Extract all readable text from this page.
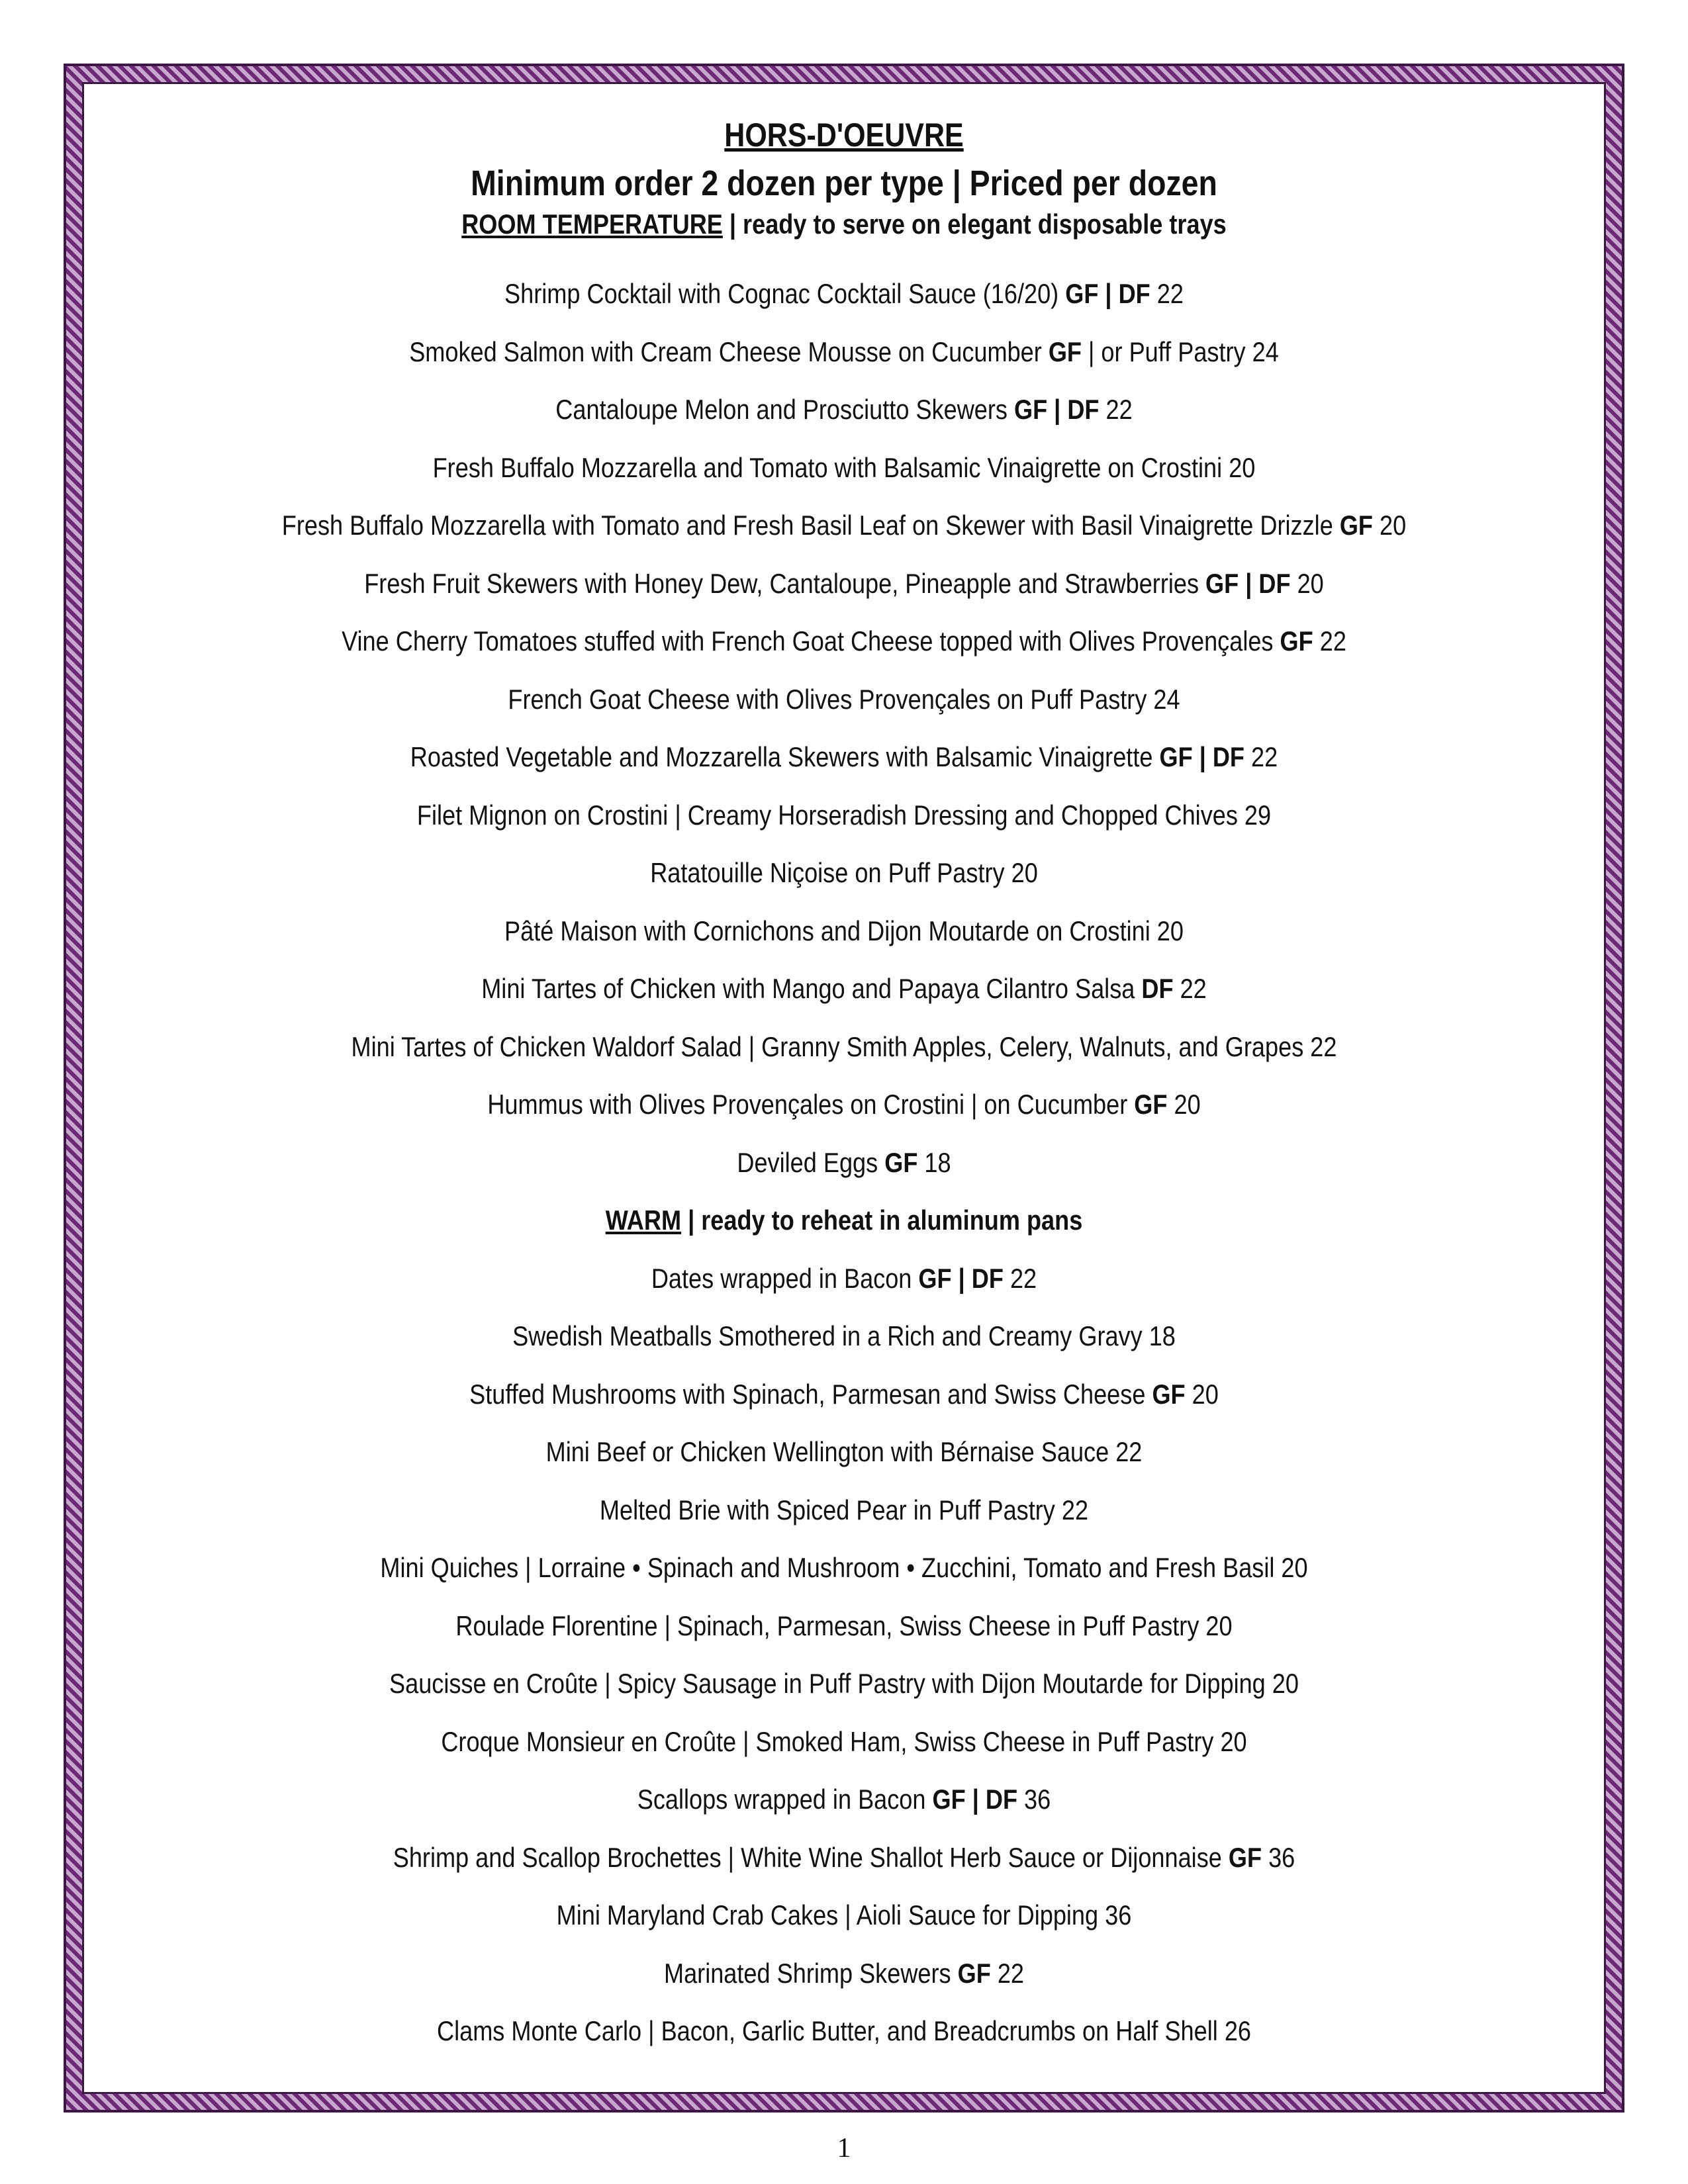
HORS-D'OEUVRE
Minimum order 2 dozen per type | Priced per dozen
ROOM TEMPERATURE | ready to serve on elegant disposable trays
Shrimp Cocktail with Cognac Cocktail Sauce (16/20) GF | DF 22
Smoked Salmon with Cream Cheese Mousse on Cucumber GF | or Puff Pastry 24
Cantaloupe Melon and Prosciutto Skewers GF | DF 22
Fresh Buffalo Mozzarella and Tomato with Balsamic Vinaigrette on Crostini 20
Fresh Buffalo Mozzarella with Tomato and Fresh Basil Leaf on Skewer with Basil Vinaigrette Drizzle GF 20
Fresh Fruit Skewers with Honey Dew, Cantaloupe, Pineapple and Strawberries GF | DF 20
Vine Cherry Tomatoes stuffed with French Goat Cheese topped with Olives Provençales GF 22
French Goat Cheese with Olives Provençales on Puff Pastry 24
Roasted Vegetable and Mozzarella Skewers with Balsamic Vinaigrette GF | DF 22
Filet Mignon on Crostini | Creamy Horseradish Dressing and Chopped Chives 29
Ratatouille Niçoise on Puff Pastry 20
Pâté Maison with Cornichons and Dijon Moutarde on Crostini 20
Mini Tartes of Chicken with Mango and Papaya Cilantro Salsa DF 22
Mini Tartes of Chicken Waldorf Salad | Granny Smith Apples, Celery, Walnuts, and Grapes 22
Hummus with Olives Provençales on Crostini | on Cucumber GF 20
Deviled Eggs GF 18
WARM | ready to reheat in aluminum pans
Dates wrapped in Bacon GF | DF 22
Swedish Meatballs Smothered in a Rich and Creamy Gravy 18
Stuffed Mushrooms with Spinach, Parmesan and Swiss Cheese GF 20
Mini Beef or Chicken Wellington with Bérnaise Sauce 22
Melted Brie with Spiced Pear in Puff Pastry 22
Mini Quiches | Lorraine • Spinach and Mushroom • Zucchini, Tomato and Fresh Basil 20
Roulade Florentine | Spinach, Parmesan, Swiss Cheese in Puff Pastry 20
Saucisse en Croûte | Spicy Sausage in Puff Pastry with Dijon Moutarde for Dipping 20
Croque Monsieur en Croûte | Smoked Ham, Swiss Cheese in Puff Pastry 20
Scallops wrapped in Bacon GF | DF 36
Shrimp and Scallop Brochettes | White Wine Shallot Herb Sauce or Dijonnaise GF 36
Mini Maryland Crab Cakes | Aioli Sauce for Dipping 36
Marinated Shrimp Skewers GF 22
Clams Monte Carlo | Bacon, Garlic Butter, and Breadcrumbs on Half Shell 26
1
